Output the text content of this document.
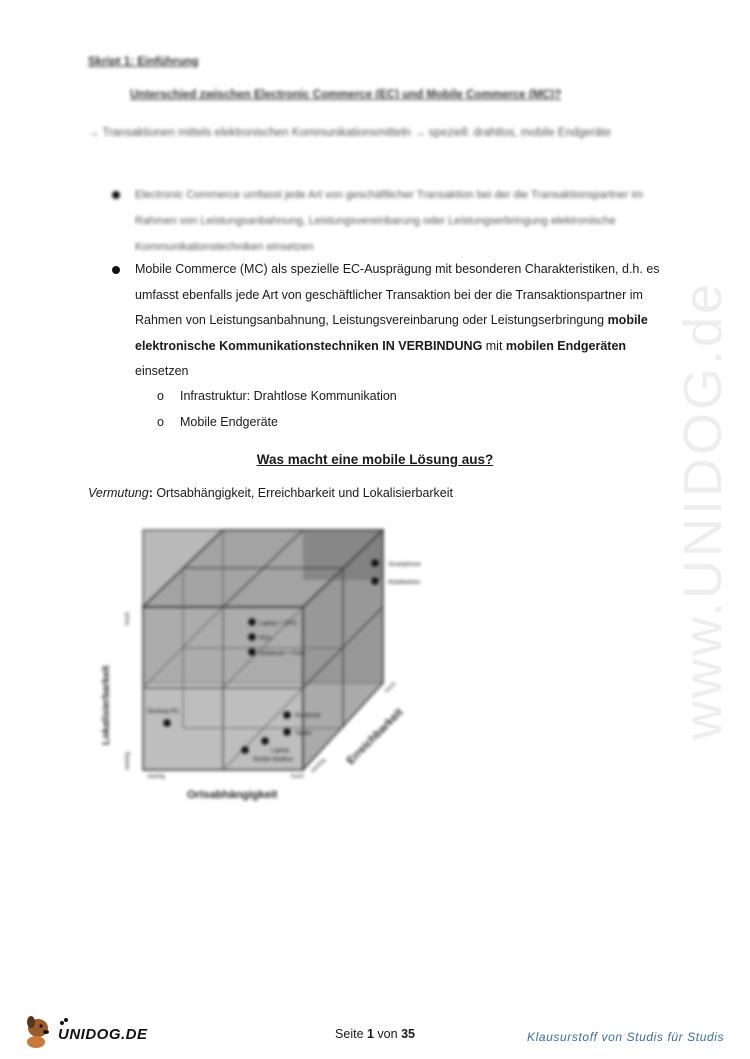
Skript 1: Einführung
Unterschied zwischen Electronic Commerce (EC) und Mobile Commerce (MC)?
→ Transaktionen mittels elektronischen Kommunikationsmitteln → speziell: drahtlos, mobile Endgeräte
Electronic Commerce umfasst jede Art von geschäftlicher Transaktion bei der die Transaktionspartner im Rahmen von Leistungsanbahnung, Leistungsvereinbarung oder Leistungserbringung elektronische Kommunikationstechniken einsetzen
Mobile Commerce (MC) als spezielle EC-Ausprägung mit besonderen Charakteristiken, d.h. es umfasst ebenfalls jede Art von geschäftlicher Transaktion bei der die Transaktionspartner im Rahmen von Leistungsanbahnung, Leistungsvereinbarung oder Leistungserbringung mobile elektronische Kommunikationstechniken IN VERBINDUNG mit mobilen Endgeräten einsetzen
o Infrastruktur: Drahtlose Kommunikation
o Mobile Endgeräte
Was macht eine mobile Lösung aus?
Vermutung: Ortsabhängigkeit, Erreichbarkeit und Lokalisierbarkeit
Smartphone
Mobiltelefon
Laptop + GPS
PDA
Notebook + Funk
Desktop-PC
Notebook
Tablet
Laptop
Mobile Mailbox
hoch
niedrig
niedrig	hoch
niedrig
hoch
Lokalisierbarkeit	Erreichbarkeit
Ortsabhängigkeit
www.UNIDOG.de
UNIDOG.DE	Seite 1 von 35	Klausurstoff von Studis für Studis
